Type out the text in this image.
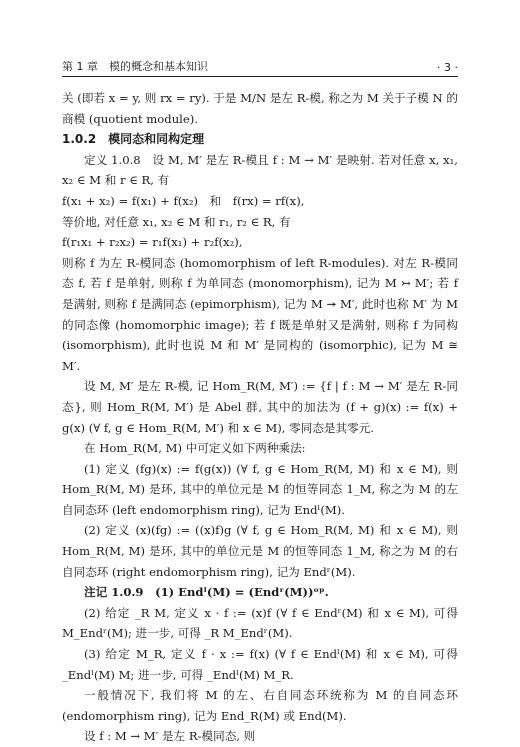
第 1 章　模的概念和基本知识	· 3 ·

关 (即若 x = y, 则 rx = ry). 于是 M/N 是左 R-模, 称之为 M 关于子模 N 的商模 (quotient module).

1.0.2　模同态和同构定理

定义 1.0.8　设 M, M′ 是左 R-模且 f : M → M′ 是映射. 若对任意 x, x₁, x₂ ∈ M 和 r ∈ R, 有

f(x₁ + x₂) = f(x₁) + f(x₂)　和　f(rx) = rf(x),

等价地, 对任意 x₁, x₂ ∈ M 和 r₁, r₂ ∈ R, 有

f(r₁x₁ + r₂x₂) = r₁f(x₁) + r₂f(x₂),

则称 f 为左 R-模同态 (homomorphism of left R-modules). 对左 R-模同态 f, 若 f 是单射, 则称 f 为单同态 (monomorphism), 记为 M ↣ M′; 若 f 是满射, 则称 f 是满同态 (epimorphism), 记为 M ↠ M′, 此时也称 M′ 为 M 的同态像 (homomorphic image); 若 f 既是单射又是满射, 则称 f 为同构 (isomorphism), 此时也说 M 和 M′ 是同构的 (isomorphic), 记为 M ≅ M′.

设 M, M′ 是左 R-模, 记 Hom_R(M, M′) := {f | f : M → M′ 是左 R-同态}, 则 Hom_R(M, M′) 是 Abel 群, 其中的加法为 (f + g)(x) := f(x) + g(x) (∀ f, g ∈ Hom_R(M, M′) 和 x ∈ M), 零同态是其零元.

在 Hom_R(M, M) 中可定义如下两种乘法:

(1) 定义 (fg)(x) := f(g(x)) (∀ f, g ∈ Hom_R(M, M) 和 x ∈ M), 则 Hom_R(M, M) 是环, 其中的单位元是 M 的恒等同态 1_M, 称之为 M 的左自同态环 (left endomorphism ring), 记为 Endˡ(M).

(2) 定义 (x)(fg) := ((x)f)g (∀ f, g ∈ Hom_R(M, M) 和 x ∈ M), 则 Hom_R(M, M) 是环, 其中的单位元是 M 的恒等同态 1_M, 称之为 M 的右自同态环 (right endomorphism ring), 记为 Endʳ(M).

注记 1.0.9　(1) Endˡ(M) = (Endʳ(M))ᵒᵖ.

(2) 给定 _R M, 定义 x · f := (x)f (∀ f ∈ Endʳ(M) 和 x ∈ M), 可得 M_Endʳ(M); 进一步, 可得 _R M_Endʳ(M).

(3) 给定 M_R, 定义 f · x := f(x) (∀ f ∈ Endˡ(M) 和 x ∈ M), 可得 _Endˡ(M) M; 进一步, 可得 _Endˡ(M) M_R.

一般情况下, 我们将 M 的左、右自同态环统称为 M 的自同态环 (endomorphism ring), 记为 End_R(M) 或 End(M).

设 f : M → M′ 是左 R-模同态, 则
